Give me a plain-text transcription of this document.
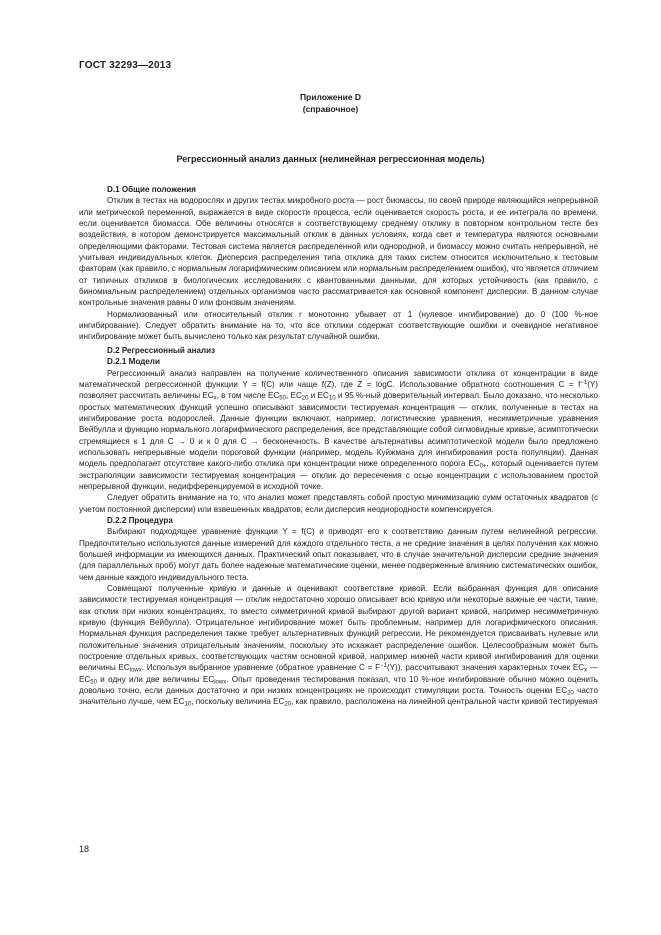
ГОСТ 32293—2013
Приложение D
(справочное)
Регрессионный анализ данных (нелинейная регрессионная модель)

D.1 Общие положения

Отклик в тестах на водорослях и других тестах микробного роста — рост биомассы, по своей природе являющийся непрерывной или метрической переменной, выражается в виде скорости процесса, если оценивается скорость роста, и ее интеграла по времени, если оценивается биомасса. Обе величины относятся к соответствующему среднему отклику в повторном контрольном тесте без воздействия, в котором демонстрируется максимальный отклик в данных условиях, когда свет и температура являются основными определяющими факторами. Тестовая система является распределенной или однородной, и биомассу можно считать непрерывной, не учитывая индивидуальных клеток. Дисперсия распределения типа отклика для таких систем относится исключительно к тестовым факторам (как правило, с нормальным логарифмическим описанием или нормальным распределением ошибок), что является отличием от типичных откликов в биологических исследованиях с квантованными данными, для которых устойчивость (как правило, с биномиальным распределением) отдельных организмов часто рассматривается как основной компонент дисперсии. В данном случае контрольные значения равны 0 или фоновым значениям.

Нормализованный или относительный отклик r монотонно убывает от 1 (нулевое ингибирование) до 0 (100 %-ное ингибирование). Следует обратить внимание на то, что все отклики содержат соответствующие ошибки и очевидное негативное ингибирование может быть вычислено только как результат случайной ошибки.

D.2 Регрессионный анализ

D.2.1 Модели

Регрессионный анализ направлен на получение количественного описания зависимости отклика от концентрации в виде математической регрессионной функции Y = f(C) или чаще f(Z), где Z = logC. Использование обратного соотношения $C = f^{-1}(Y)$ позволяет рассчитать величины $EC_x$, в том числе $EC_{50}$, $EC_{20}$ и $EC_{10}$ и 95 %-ный доверительный интервал. Было доказано, что несколько простых математических функций успешно описывают зависимости тестируемая концентрация — отклик, полученные в тестах на ингибирование роста водорослей. Данные функции включают, например, логистические уравнения, несимметричные уравнения Вейбулла и функцию нормального логарифмического распределения, все представляющие собой сигмовидные кривые, асимптотически стремящиеся к 1 для C → 0 и к 0 для C → бесконечность. В качестве альтернативы асимптотической модели было предложено использовать непрерывные модели пороговой функции (например, модель Куйжмана для ингибирования роста популяции). Данная модель предполагает отсутствие какого-либо отклика при концентрации ниже определенного порога $EC_{0+}$, который оценивается путем экстраполяции зависимости тестируемая концентрация — отклик до пересечения с осью концентрации с использованием простой непрерывной функции, недифференцируемой в исходной точке.

Следует обратить внимание на то, что анализ может представлять собой простую минимизацию сумм остаточных квадратов (с учетом постоянной дисперсии) или взвешенных квадратов, если дисперсия неоднородности компенсируется.

D.2.2 Процедура

Выбирают подходящее уравнение функции Y = f(C) и приводят его к соответствию данным путем нелинейной регрессии. Предпочтительно используются данные измерений для каждого отдельного теста, а не средние значения в целях получения как можно большей информации из имеющихся данных. Практический опыт показывает, что в случае значительной дисперсии средние значения (для параллельных проб) могут дать более надежные математические оценки, менее подверженные влиянию систематических ошибок, чем данные каждого индивидуального теста.

Совмещают полученные кривую и данные и оценивают соответствие кривой. Если выбранная функция для описания зависимости тестируемая концентрация — отклик недостаточно хорошо описывает всю кривую или некоторые важные ее части, такие, как отклик при низких концентрациях, то вместо симметричной кривой выбирают другой вариант кривой, например несимметричную кривую (функция Вейбулла). Отрицательное ингибирование может быть проблемным, например для логарифмического описания. Нормальная функция распределения также требует альтернативных функций регрессии. Не рекомендуется присваивать нулевые или положительные значения отрицательным значениям, поскольку это искажает распределение ошибок. Целесообразным может быть построение отдельных кривых, соответствующих частям основной кривой, например нижней части кривой ингибирования для оценки величины $EC_{lowx}$. Используя выбранное уравнение (обратное уравнение $C = F^{-1}(Y)$), рассчитывают значения характерных точек $EC_x$ — $EC_{50}$ и одну или две величины $EC_{lowx}$. Опыт проведения тестирования показал, что 10 %-ное ингибирование обычно можно оценить довольно точно, если данных достаточно и при низких концентрациях не происходит стимуляции роста. Точность оценки $EC_{20}$ часто значительно лучше, чем $EC_{10}$, поскольку величина $EC_{20}$, как правило, расположена на линейной центральной части кривой тестируемая

18
